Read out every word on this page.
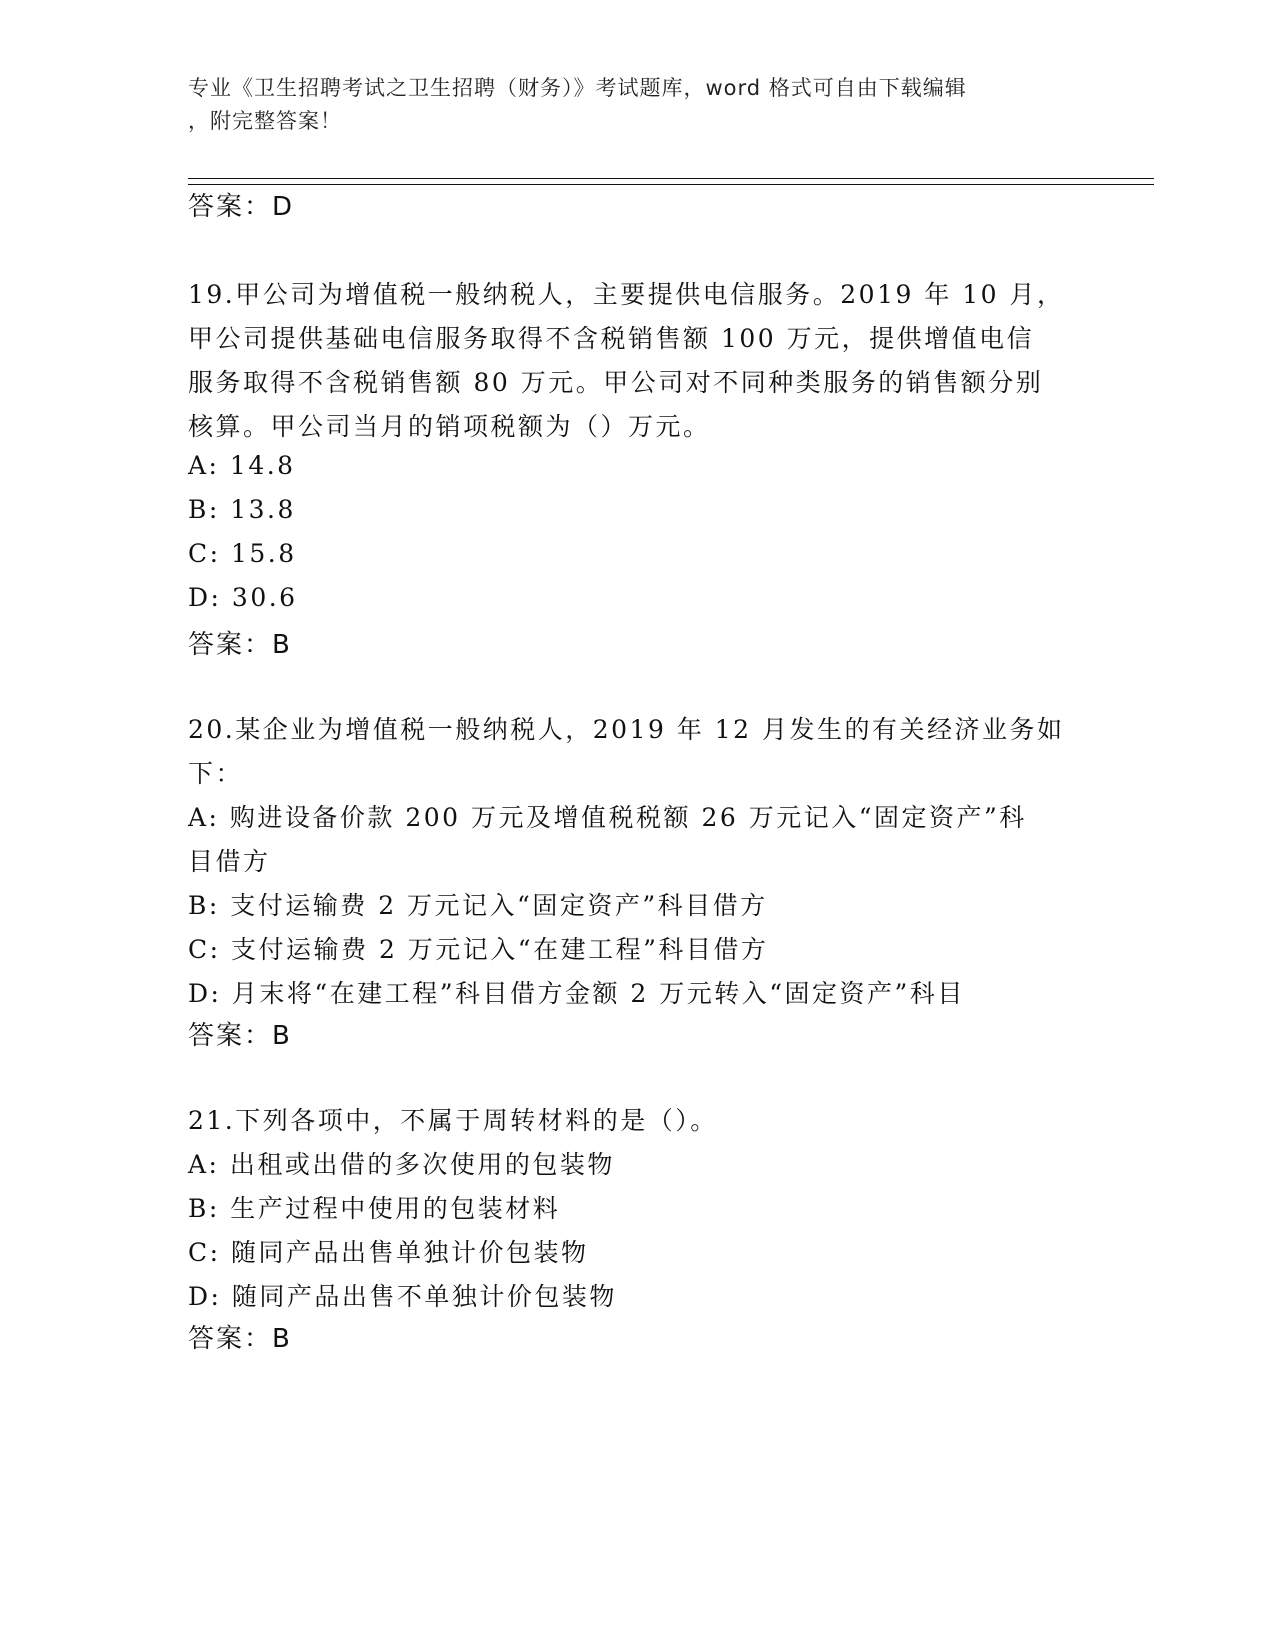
专业《卫生招聘考试之卫生招聘（财务）》考试题库，word 格式可自由下载编辑
，附完整答案！
答案：D
19.甲公司为增值税一般纳税人，主要提供电信服务。2019 年 10 月，
甲公司提供基础电信服务取得不含税销售额 100 万元，提供增值电信
服务取得不含税销售额 80 万元。甲公司对不同种类服务的销售额分别
核算。甲公司当月的销项税额为（）万元。
A: 14.8
B: 13.8
C: 15.8
D: 30.6
答案：B
20.某企业为增值税一般纳税人，2019 年 12 月发生的有关经济业务如
下：
A: 购进设备价款 200 万元及增值税税额 26 万元记入“固定资产”科
目借方
B: 支付运输费 2 万元记入“固定资产”科目借方
C: 支付运输费 2 万元记入“在建工程”科目借方
D: 月末将“在建工程”科目借方金额 2 万元转入“固定资产”科目
答案：B
21.下列各项中，不属于周转材料的是（）。
A: 出租或出借的多次使用的包装物
B: 生产过程中使用的包装材料
C: 随同产品出售单独计价包装物
D: 随同产品出售不单独计价包装物
答案：B
